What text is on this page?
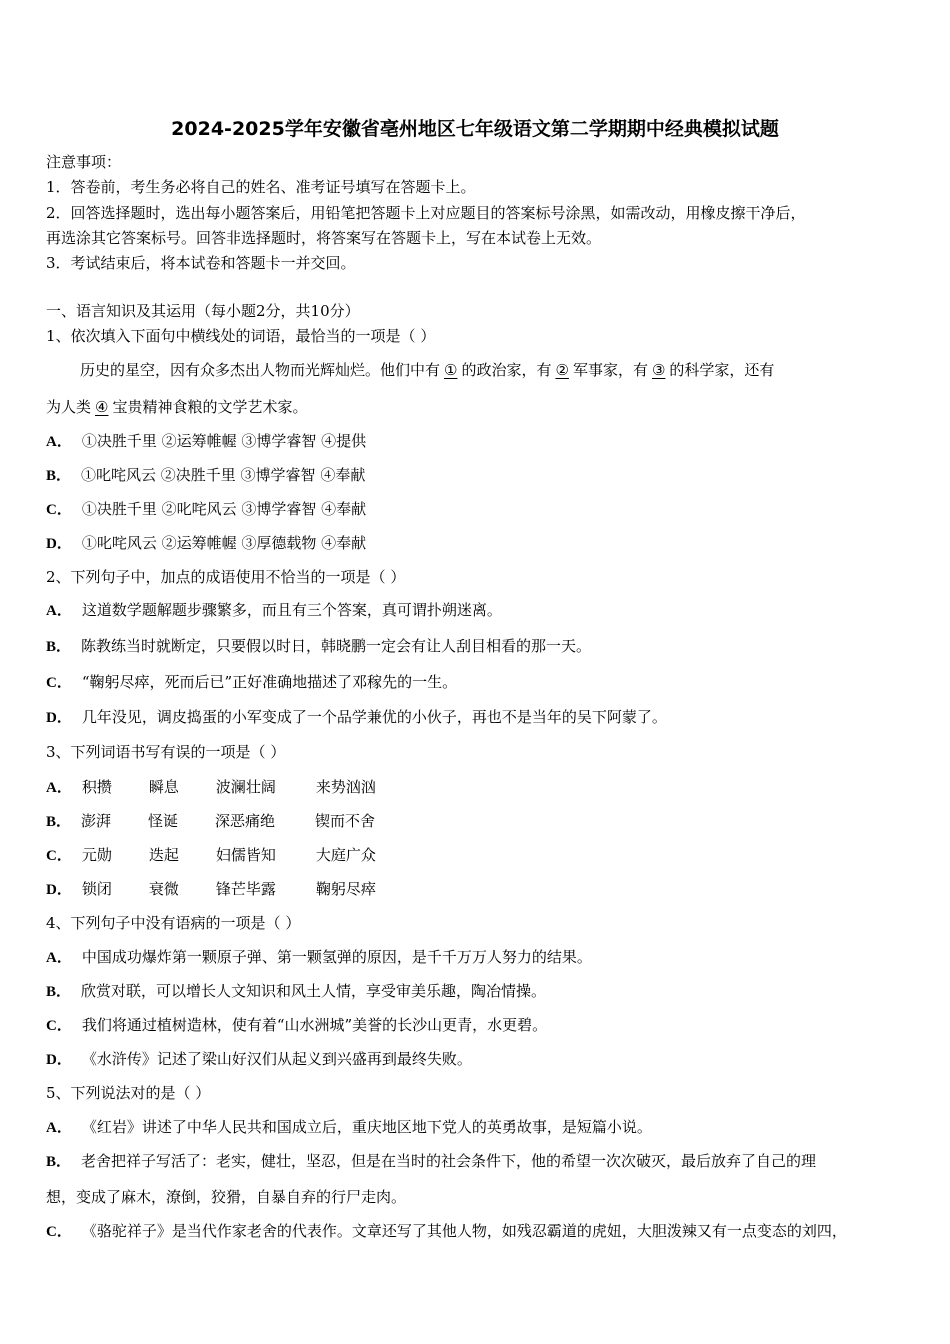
2024-2025学年安徽省亳州地区七年级语文第二学期期中经典模拟试题
注意事项：
1．答卷前，考生务必将自己的姓名、准考证号填写在答题卡上。
2．回答选择题时，选出每小题答案后，用铅笔把答题卡上对应题目的答案标号涂黑，如需改动，用橡皮擦干净后，
再选涂其它答案标号。回答非选择题时，将答案写在答题卡上，写在本试卷上无效。
3．考试结束后，将本试卷和答题卡一并交回。
一、语言知识及其运用（每小题2分，共10分）
1、依次填入下面句中横线处的词语，最恰当的一项是（ ）
历史的星空，因有众多杰出人物而光辉灿烂。他们中有 ① 的政治家，有 ② 军事家，有 ③ 的科学家，还有
为人类 ④ 宝贵精神食粮的文学艺术家。
A． ①决胜千里 ②运筹帷幄 ③博学睿智 ④提供
B． ①叱咤风云 ②决胜千里 ③博学睿智 ④奉献
C． ①决胜千里 ②叱咤风云 ③博学睿智 ④奉献
D． ①叱咤风云 ②运筹帷幄 ③厚德载物 ④奉献
2、下列句子中，加点的成语使用不恰当的一项是（ ）
A． 这道数学题解题步骤繁多，而且有三个答案，真可谓扑朔迷离。
B． 陈教练当时就断定，只要假以时日，韩晓鹏一定会有让人刮目相看的那一天。
C． “鞠躬尽瘁，死而后已”正好准确地描述了邓稼先的一生。
D． 几年没见，调皮捣蛋的小军变成了一个品学兼优的小伙子，再也不是当年的吴下阿蒙了。
3、下列词语书写有误的一项是（ ）
A． 积攒 瞬息 波澜壮阔	来势汹汹
B． 澎湃 怪诞 深恶痛绝	锲而不舍
C． 元勋 迭起 妇儒皆知	大庭广众
D． 锁闭 衰微 锋芒毕露	鞠躬尽瘁
4、下列句子中没有语病的一项是（ ）
A． 中国成功爆炸第一颗原子弹、第一颗氢弹的原因，是千千万万人努力的结果。
B． 欣赏对联，可以增长人文知识和风土人情，享受审美乐趣，陶冶情操。
C． 我们将通过植树造林，使有着“山水洲城”美誉的长沙山更青，水更碧。
D． 《水浒传》记述了梁山好汉们从起义到兴盛再到最终失败。
5、下列说法对的是（ ）
A． 《红岩》讲述了中华人民共和国成立后，重庆地区地下党人的英勇故事，是短篇小说。
B． 老舍把祥子写活了：老实，健壮，坚忍，但是在当时的社会条件下，他的希望一次次破灭，最后放弃了自己的理
想，变成了麻木，潦倒，狡猾，自暴自弃的行尸走肉。
C． 《骆驼祥子》是当代作家老舍的代表作。文章还写了其他人物，如残忍霸道的虎妞，大胆泼辣又有一点变态的刘四，
